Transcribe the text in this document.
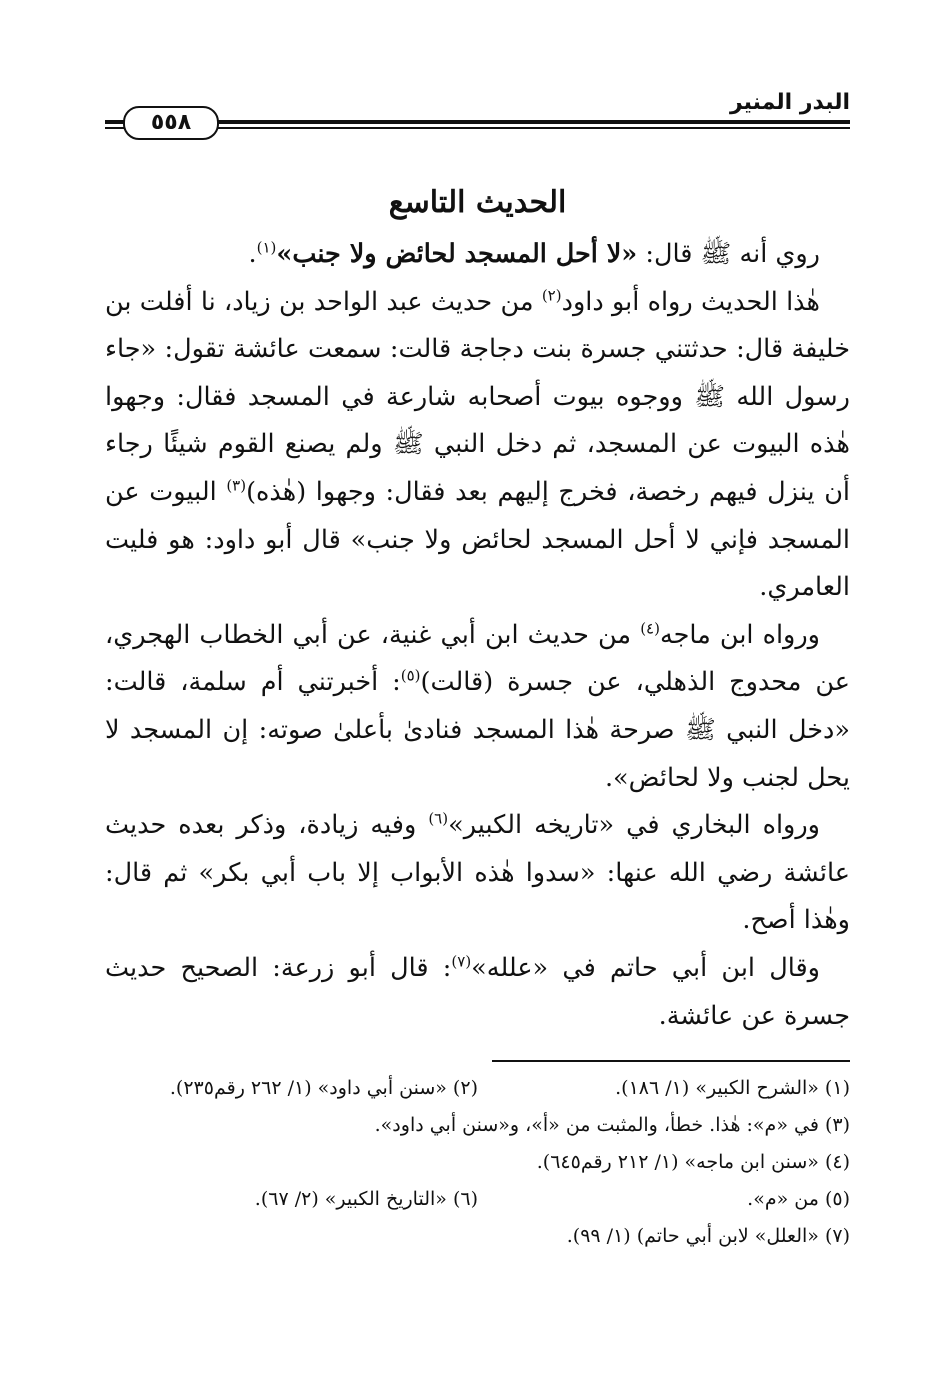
البدر المنير
٥٥٨
الحديث التاسع

روي أنه ﷺ قال: «لا أحل المسجد لحائض ولا جنب»$^{(١)}$.

هٰذا الحديث رواه أبو داود$^{(٢)}$ من حديث عبد الواحد بن زياد، نا أفلت بن خليفة قال: حدثتني جسرة بنت دجاجة قالت: سمعت عائشة تقول: «جاء رسول الله ﷺ ووجوه بيوت أصحابه شارعة في المسجد فقال: وجهوا هٰذه البيوت عن المسجد، ثم دخل النبي ﷺ ولم يصنع القوم شيئًا رجاء أن ينزل فيهم رخصة، فخرج إليهم بعد فقال: وجهوا (هٰذه)$^{(٣)}$ البيوت عن المسجد فإني لا أحل المسجد لحائض ولا جنب» قال أبو داود: هو فليت العامري.

ورواه ابن ماجه$^{(٤)}$ من حديث ابن أبي غنية، عن أبي الخطاب الهجري، عن محدوج الذهلي، عن جسرة (قالت)$^{(٥)}$: أخبرتني أم سلمة، قالت: «دخل النبي ﷺ صرحة هٰذا المسجد فنادىٰ بأعلىٰ صوته: إن المسجد لا يحل لجنب ولا لحائض».

ورواه البخاري في «تاريخه الكبير»$^{(٦)}$ وفيه زيادة، وذكر بعده حديث عائشة رضي الله عنها: «سدوا هٰذه الأبواب إلا باب أبي بكر» ثم قال: وهٰذا أصح.

وقال ابن أبي حاتم في «علله»$^{(٧)}$: قال أبو زرعة: الصحيح حديث جسرة عن عائشة.

(١) «الشرح الكبير» (١/ ١٨٦).
(٢) «سنن أبي داود» (١/ ٢٦٢ رقم٢٣٥).
(٣) في «م»: هٰذا. خطأ، والمثبت من «أ»، و«سنن أبي داود».
(٤) «سنن ابن ماجه» (١/ ٢١٢ رقم٦٤٥).
(٥) من «م».
(٦) «التاريخ الكبير» (٢/ ٦٧).
(٧) «العلل» لابن أبي حاتم) (١/ ٩٩).
